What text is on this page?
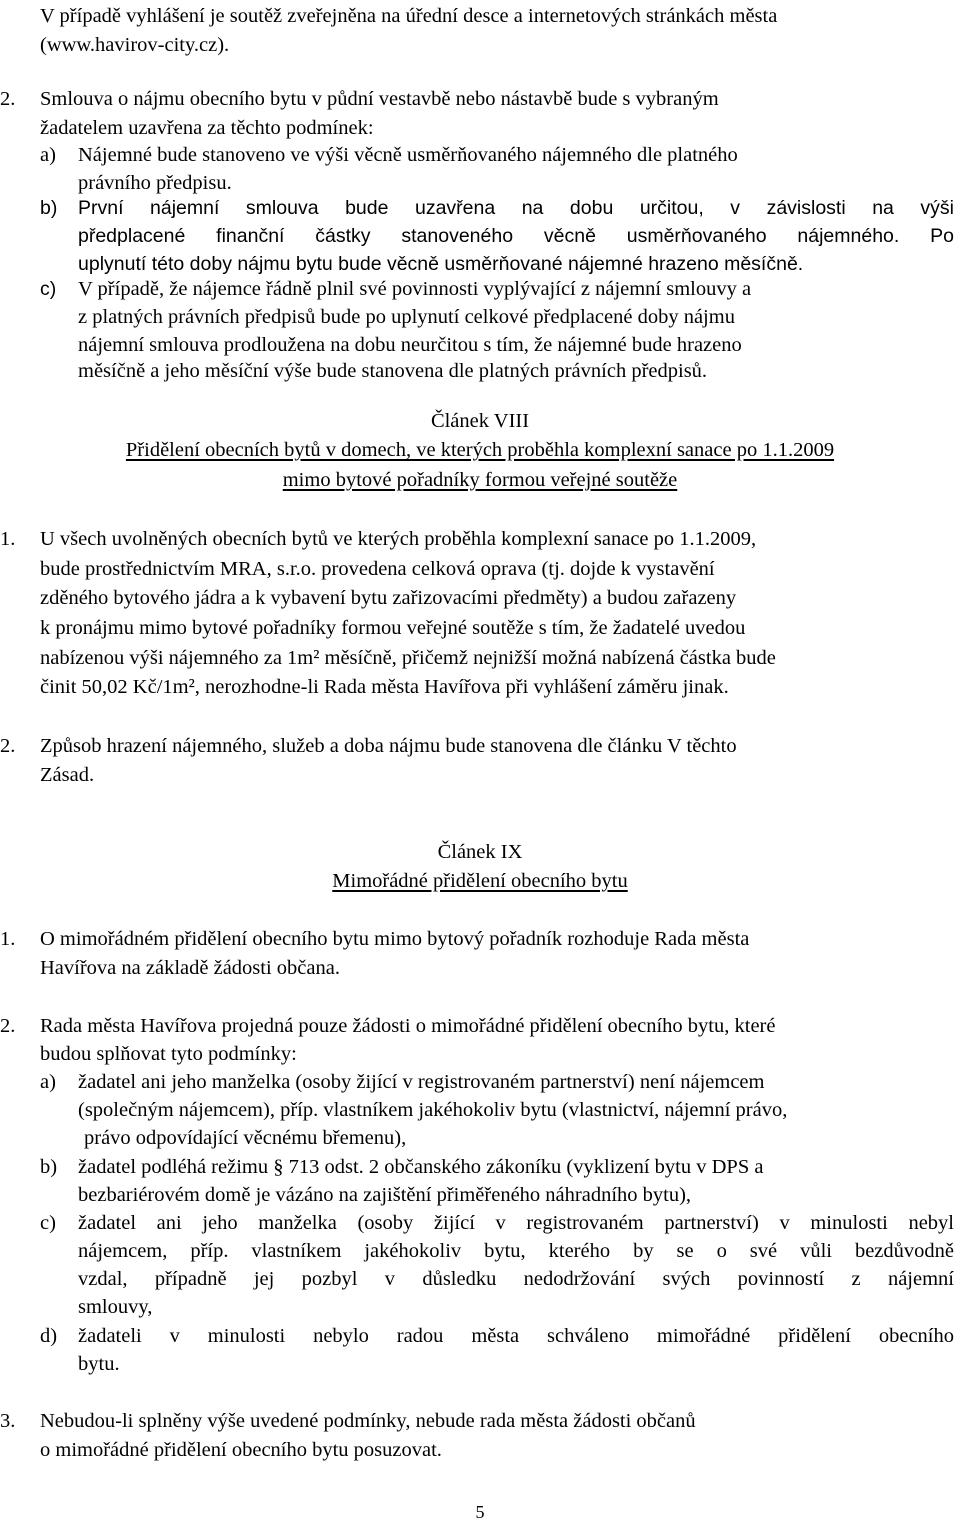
V případě vyhlášení je soutěž zveřejněna na úřední desce a internetových stránkách města
(www.havirov-city.cz).
2. Smlouva o nájmu obecního bytu v půdní vestavbě nebo nástavbě bude s vybraným
žadatelem uzavřena za těchto podmínek:
a) Nájemné bude stanoveno ve výši věcně usměrňovaného nájemného dle platného
právního předpisu.
b) První nájemní smlouva bude uzavřena na dobu určitou, v závislosti na výši
předplacené finanční částky stanoveného věcně usměrňovaného nájemného. Po
uplynutí této doby nájmu bytu bude věcně usměrňované nájemné hrazeno měsíčně.
c) V případě, že nájemce řádně plnil své povinnosti vyplývající z nájemní smlouvy a
z platných právních předpisů bude po uplynutí celkové předplacené doby nájmu
nájemní smlouva prodloužena na dobu neurčitou s tím, že nájemné bude hrazeno
měsíčně a jeho měsíční výše bude stanovena dle platných právních předpisů.
Článek VIII
Přidělení obecních bytů v domech, ve kterých proběhla komplexní sanace po 1.1.2009
mimo bytové pořadníky formou veřejné soutěže
1. U všech uvolněných obecních bytů ve kterých proběhla komplexní sanace po 1.1.2009,
bude prostřednictvím MRA, s.r.o. provedena celková oprava (tj. dojde k vystavění
zděného bytového jádra a k vybavení bytu zařizovacími předměty) a budou zařazeny
k pronájmu mimo bytové pořadníky formou veřejné soutěže s tím, že žadatelé uvedou
nabízenou výši nájemného za 1m² měsíčně, přičemž nejnižší možná nabízená částka bude
činit 50,02 Kč/1m², nerozhodne-li Rada města Havířova při vyhlášení záměru jinak.
2. Způsob hrazení nájemného, služeb a doba nájmu bude stanovena dle článku V těchto
Zásad.
Článek IX
Mimořádné přidělení obecního bytu
1. O mimořádném přidělení obecního bytu mimo bytový pořadník rozhoduje Rada města
Havířova na základě žádosti občana.
2. Rada města Havířova projedná pouze žádosti o mimořádné přidělení obecního bytu, které
budou splňovat tyto podmínky:
a) žadatel ani jeho manželka (osoby žijící v registrovaném partnerství) není nájemcem
(společným nájemcem), příp. vlastníkem jakéhokoliv bytu (vlastnictví, nájemní právo,
právo odpovídající věcnému břemenu),
b) žadatel podléhá režimu § 713 odst. 2 občanského zákoníku (vyklizení bytu v DPS a
bezbariérovém domě je vázáno na zajištění přiměřeného náhradního bytu),
c) žadatel ani jeho manželka (osoby žijící v registrovaném partnerství) v minulosti nebyl
nájemcem, příp. vlastníkem jakéhokoliv bytu, kterého by se o své vůli bezdůvodně
vzdal, případně jej pozbyl v důsledku nedodržování svých povinností z nájemní
smlouvy,
d) žadateli v minulosti nebylo radou města schváleno mimořádné přidělení obecního
bytu.
3. Nebudou-li splněny výše uvedené podmínky, nebude rada města žádosti občanů
o mimořádné přidělení obecního bytu posuzovat.
5
